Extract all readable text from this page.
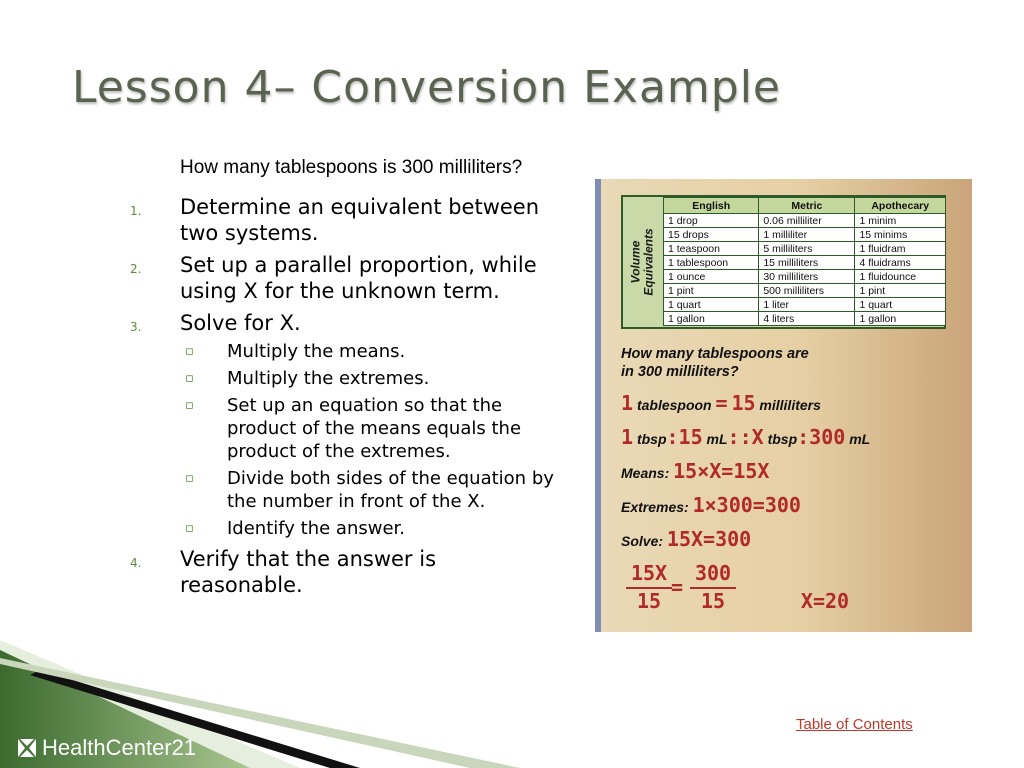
Lesson 4– Conversion Example
How many tablespoons is 300 milliliters?
1. Determine an equivalent between two systems.
2. Set up a parallel proportion, while using X for the unknown term.
3. Solve for X.
▫ Multiply the means.
▫ Multiply the extremes.
▫ Set up an equation so that the product of the means equals the product of the extremes.
▫ Divide both sides of the equation by the number in front of the X.
▫ Identify the answer.
4. Verify that the answer is reasonable.
Volume
Equivalents
English	Metric	Apothecary
1 drop	0.06 milliliter	1 minim
15 drops	1 milliliter	15 minims
1 teaspoon	5 milliliters	1 fluidram
1 tablespoon	15 milliliters	4 fluidrams
1 ounce	30 milliliters	1 fluidounce
1 pint	500 milliliters	1 pint
1 quart	1 liter	1 quart
1 gallon	4 liters	1 gallon
How many tablespoons are
in 300 milliliters?
1 tablespoon = 15 milliliters
1 tbsp:15 mL::X tbsp:300 mL
Means: 15×X=15X
Extremes: 1×300=300
Solve: 15X=300
15X
15
=
300
15	X=20
HealthCenter21
Table of Contents
